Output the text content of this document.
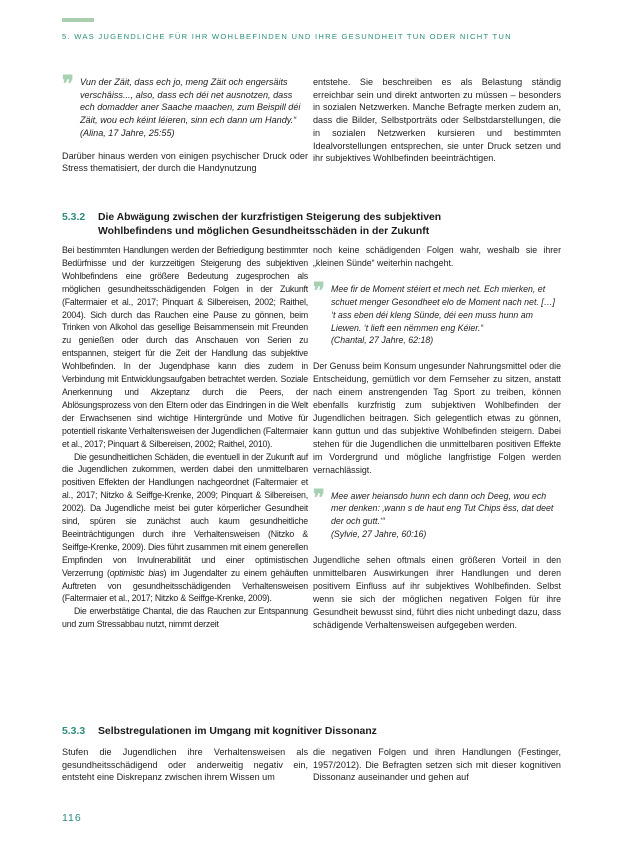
5. WAS JUGENDLICHE FÜR IHR WOHLBEFINDEN UND IHRE GESUNDHEIT TUN ODER NICHT TUN
❞ Vun der Zäit, dass ech jo, meng Zäit och engersäits verschäiss..., also, dass ech déi net ausnotzen, dass ech domadder aner Saache maachen, zum Beispill déi Zäit, wou ech kéint léieren, sinn ech dann um Handy.“
(Alina, 17 Jahre, 25:55)

Darüber hinaus werden von einigen psychischer Druck oder Stress thematisiert, der durch die Handynutzung

entstehe. Sie beschreiben es als Belastung ständig erreichbar sein und direkt antworten zu müssen – besonders in sozialen Netzwerken. Manche Befragte merken zudem an, dass die Bilder, Selbstporträts oder Selbstdarstellungen, die in sozialen Netzwerken kursieren und bestimmten Idealvorstellungen entsprechen, sie unter Druck setzen und ihr subjektives Wohlbefinden beeinträchtigen.

5.3.2 Die Abwägung zwischen der kurzfristigen Steigerung des subjektiven
Wohlbefindens und möglichen Gesundheitsschäden in der Zukunft

Bei bestimmten Handlungen werden der Befriedigung bestimmter Bedürfnisse und der kurzzeitigen Steigerung des subjektiven Wohlbefindens eine größere Bedeutung zugesprochen als möglichen gesundheitsschädigenden Folgen in der Zukunft (Faltermaier et al., 2017; Pinquart & Silbereisen, 2002; Raithel, 2004). Sich durch das Rauchen eine Pause zu gönnen, beim Trinken von Alkohol das gesellige Beisammensein mit Freunden zu genießen oder durch das Anschauen von Serien zu entspannen, steigert für die Zeit der Handlung das subjektive Wohlbefinden. In der Jugendphase kann dies zudem in Verbindung mit Entwicklungsaufgaben betrachtet werden. Soziale Anerkennung und Akzeptanz durch die Peers, der Ablösungsprozess von den Eltern oder das Eindringen in die Welt der Erwachsenen sind wichtige Hintergründe und Motive für potentiell riskante Verhaltensweisen der Jugendlichen (Faltermaier et al., 2017; Pinquart & Silbereisen, 2002; Raithel, 2010).

Die gesundheitlichen Schäden, die eventuell in der Zukunft auf die Jugendlichen zukommen, werden dabei den unmittelbaren positiven Effekten der Handlungen nachgeordnet (Faltermaier et al., 2017; Nitzko & Seiffge-Krenke, 2009; Pinquart & Silbereisen, 2002). Da Jugendliche meist bei guter körperlicher Gesundheit sind, spüren sie zunächst auch kaum gesundheitliche Beeinträchtigungen durch ihre Verhaltensweisen (Nitzko & Seiffge-Krenke, 2009). Dies führt zusammen mit einem generellen Empfinden von Invulnerabilität und einer optimistischen Verzerrung (optimistic bias) im Jugendalter zu einem gehäuften Auftreten von gesundheitsschädigenden Verhaltensweisen (Faltermaier et al., 2017; Nitzko & Seiffge-Krenke, 2009).

Die erwerbstätige Chantal, die das Rauchen zur Entspannung und zum Stressabbau nutzt, nimmt derzeit

noch keine schädigenden Folgen wahr, weshalb sie ihrer „kleinen Sünde“ weiterhin nachgeht.

❞ Mee fir de Moment stéiert et mech net. Ech mierken, et schuet menger Gesondheet elo de Moment nach net. […] ‘t ass eben déi kleng Sünde, déi een muss hunn am Liewen. ‘t lieft een nëmmen eng Kéier.“
(Chantal, 27 Jahre, 62:18)

Der Genuss beim Konsum ungesunder Nahrungsmittel oder die Entscheidung, gemütlich vor dem Fernseher zu sitzen, anstatt nach einem anstrengenden Tag Sport zu treiben, können ebenfalls kurzfristig zum subjektiven Wohlbefinden der Jugendlichen beitragen. Sich gelegentlich etwas zu gönnen, kann guttun und das subjektive Wohlbefinden steigern. Dabei stehen für die Jugendlichen die unmittelbaren positiven Effekte im Vordergrund und mögliche langfristige Folgen werden vernachlässigt.

❞ Mee awer heiansdo hunn ech dann och Deeg, wou ech mer denken: ‚wann s de haut eng Tut Chips ëss, dat deet der och gutt.‘“
(Sylvie, 27 Jahre, 60:16)

Jugendliche sehen oftmals einen größeren Vorteil in den unmittelbaren Auswirkungen ihrer Handlungen und deren positivem Einfluss auf ihr subjektives Wohlbefinden. Selbst wenn sie sich der möglichen negativen Folgen für ihre Gesundheit bewusst sind, führt dies nicht unbedingt dazu, dass schädigende Verhaltensweisen aufgegeben werden.

5.3.3 Selbstregulationen im Umgang mit kognitiver Dissonanz

Stufen die Jugendlichen ihre Verhaltensweisen als gesundheitsschädigend oder anderweitig negativ ein, entsteht eine Diskrepanz zwischen ihrem Wissen um

die negativen Folgen und ihren Handlungen (Festinger, 1957/2012). Die Befragten setzen sich mit dieser kognitiven Dissonanz auseinander und gehen auf

116
